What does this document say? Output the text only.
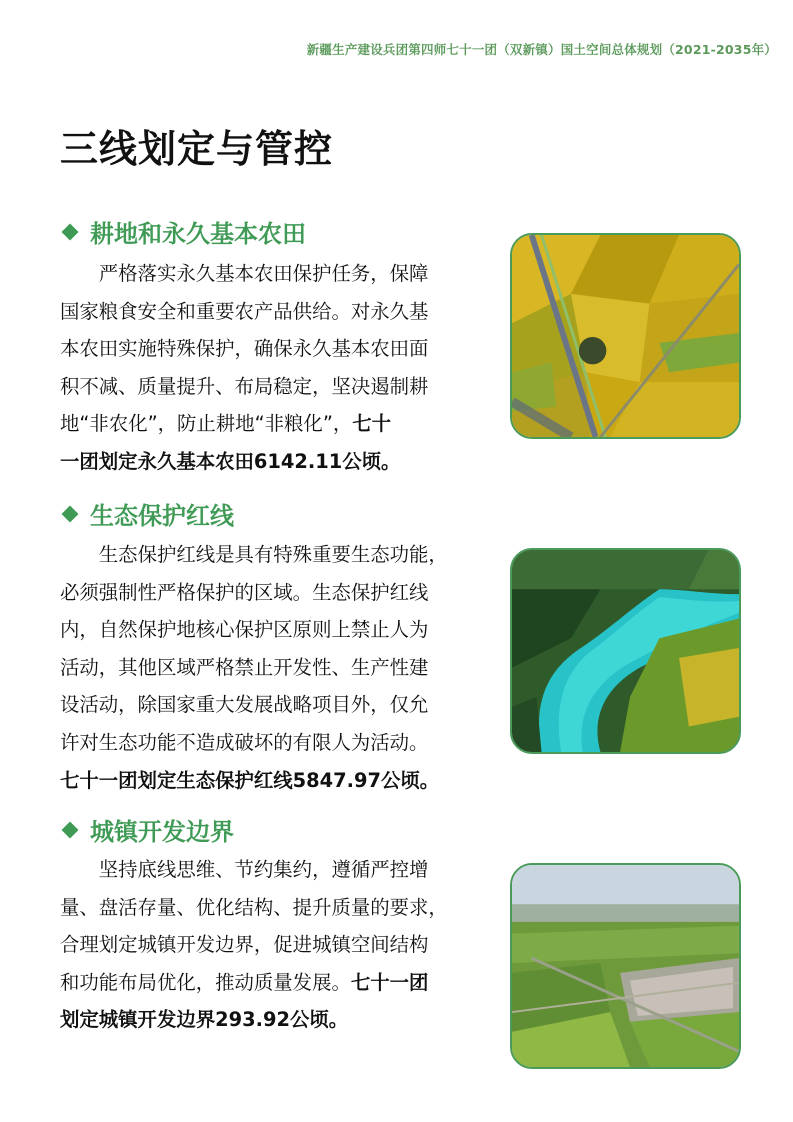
新疆生产建设兵团第四师七十一团（双新镇）国土空间总体规划（2021-2035年）
三线划定与管控
耕地和永久基本农田
　　严格落实永久基本农田保护任务，保障
国家粮食安全和重要农产品供给。对永久基
本农田实施特殊保护，确保永久基本农田面
积不减、质量提升、布局稳定，坚决遏制耕
地“非农化”，防止耕地“非粮化”，七十
一团划定永久基本农田6142.11公顷。
生态保护红线
　　生态保护红线是具有特殊重要生态功能，
必须强制性严格保护的区域。生态保护红线
内，自然保护地核心保护区原则上禁止人为
活动，其他区域严格禁止开发性、生产性建
设活动，除国家重大发展战略项目外，仅允
许对生态功能不造成破坏的有限人为活动。
七十一团划定生态保护红线5847.97公顷。
城镇开发边界
　　坚持底线思维、节约集约，遵循严控增
量、盘活存量、优化结构、提升质量的要求，
合理划定城镇开发边界，促进城镇空间结构
和功能布局优化，推动质量发展。七十一团
划定城镇开发边界293.92公顷。
